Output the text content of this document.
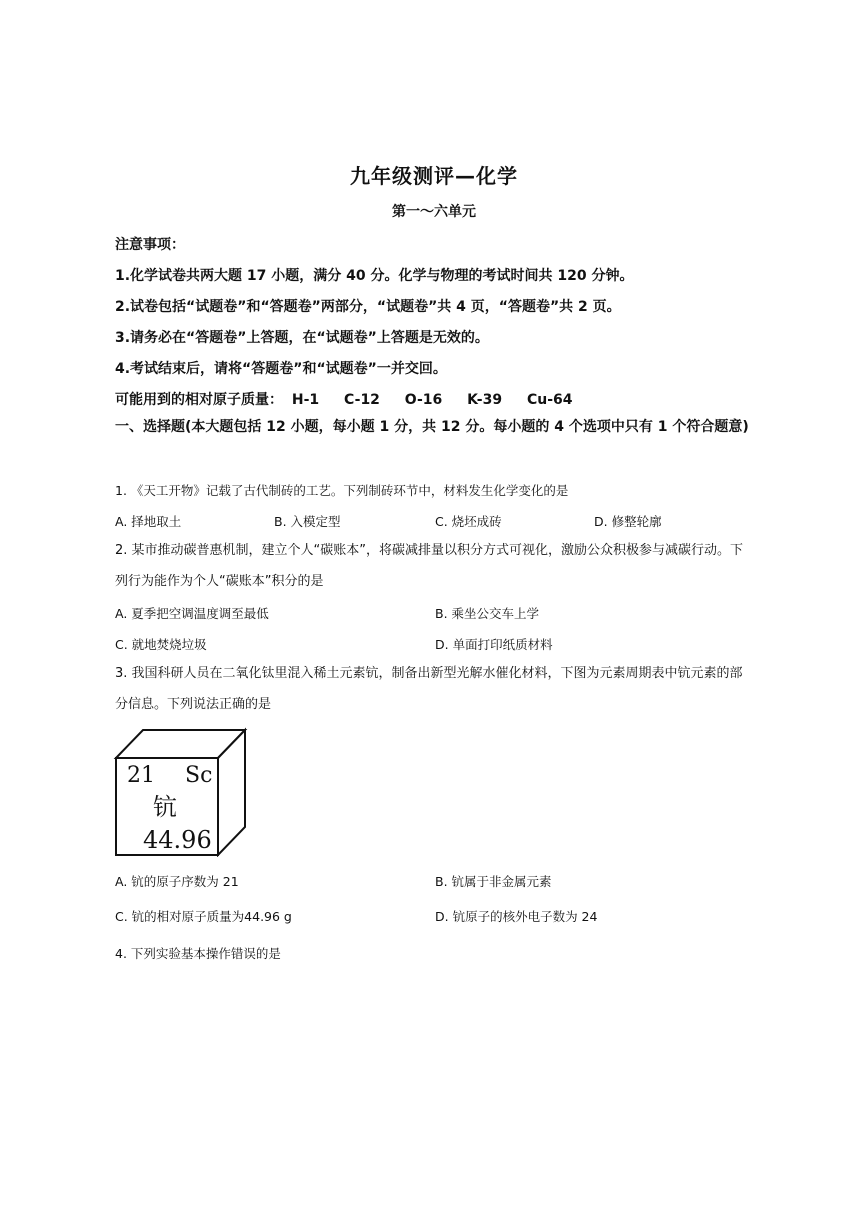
九年级测评—化学
第一～六单元
注意事项：
1.化学试卷共两大题 17 小题，满分 40 分。化学与物理的考试时间共 120 分钟。
2.试卷包括“试题卷”和“答题卷”两部分，“试题卷”共 4 页，“答题卷”共 2 页。
3.请务必在“答题卷”上答题，在“试题卷”上答题是无效的。
4.考试结束后，请将“答题卷”和“试题卷”一并交回。
可能用到的相对原子质量： H-1 C-12 O-16 K-39 Cu-64
一、选择题(本大题包括 12 小题，每小题 1 分，共 12 分。每小题的 4 个选项中只有 1 个符合题意)
1. 《天工开物》记载了古代制砖的工艺。下列制砖环节中，材料发生化学变化的是
A. 择地取土	B. 入模定型	C. 烧坯成砖	D. 修整轮廓
2. 某市推动碳普惠机制，建立个人“碳账本”，将碳减排量以积分方式可视化，激励公众积极参与减碳行动。下列行为能作为个人“碳账本”积分的是
A. 夏季把空调温度调至最低	B. 乘坐公交车上学
C. 就地焚烧垃圾	D. 单面打印纸质材料
3. 我国科研人员在二氧化钛里混入稀土元素钪，制备出新型光解水催化材料，下图为元素周期表中钪元素的部分信息。下列说法正确的是
21 Sc
钪
44.96
A. 钪的原子序数为 21	B. 钪属于非金属元素
C. 钪的相对原子质量为44.96 g	D. 钪原子的核外电子数为 24
4. 下列实验基本操作错误的是
